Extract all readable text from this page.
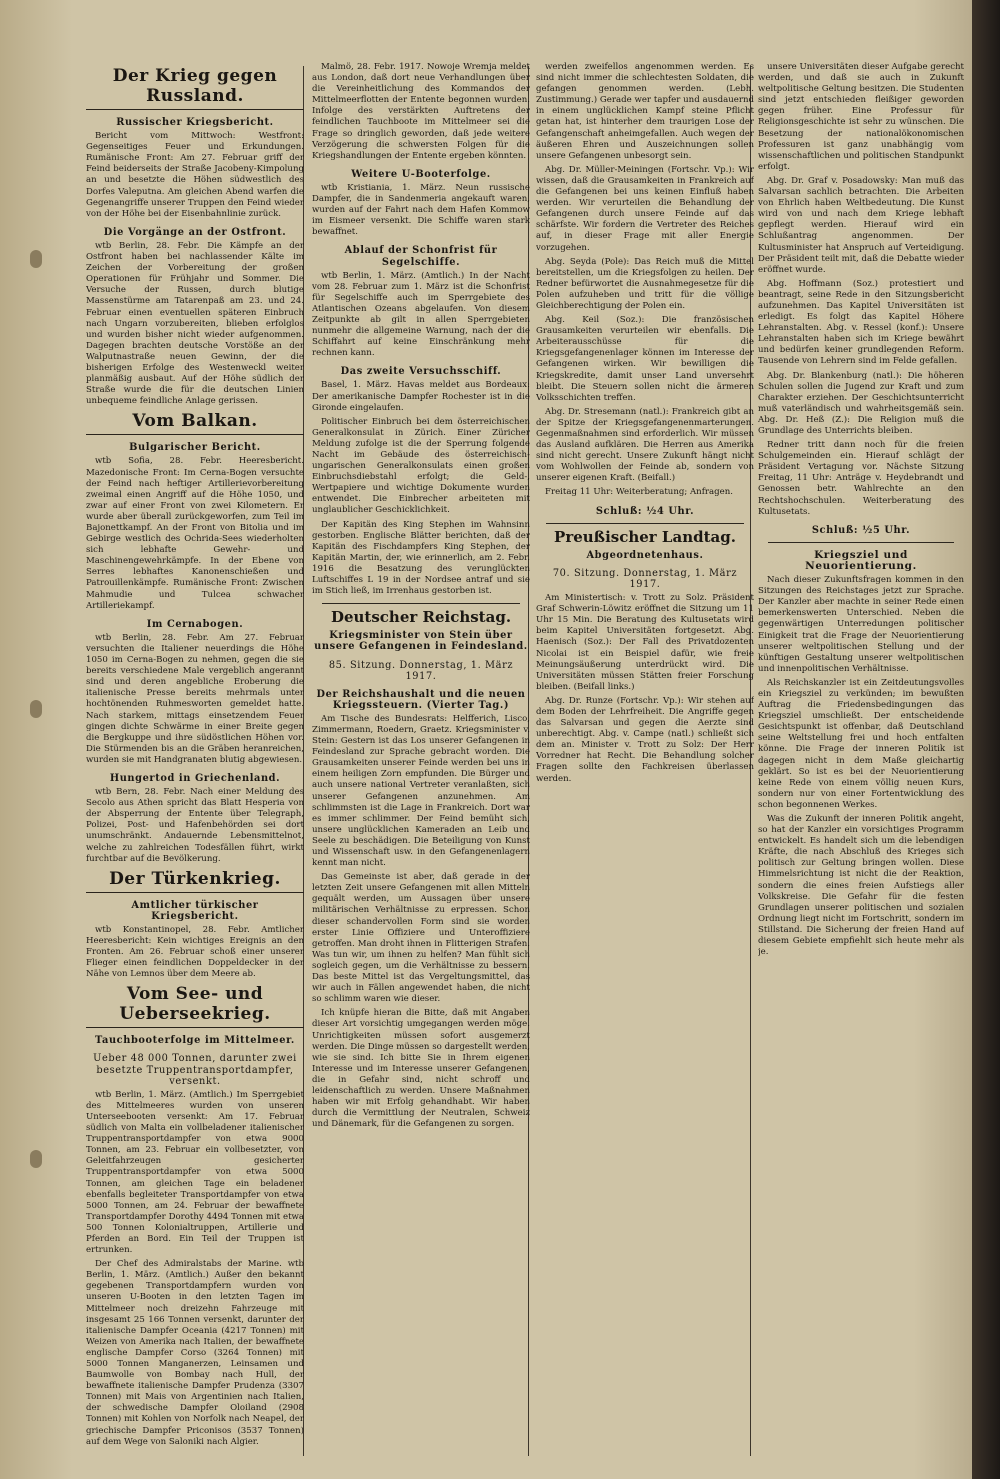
Der Krieg gegen Russland.
Russischer Kriegsbericht.

Bericht vom Mittwoch: Westfront: Gegenseitiges Feuer und Erkundungen. Rumänische Front: Am 27. Februar griff der Feind beiderseits der Straße Jacobeny-Kimpolung an und besetzte die Höhen südwestlich des Dorfes Valeputna. Am gleichen Abend warfen die Gegenangriffe unserer Truppen den Feind wieder von der Höhe bei der Eisenbahnlinie zurück.

Die Vorgänge an der Ostfront.

wtb Berlin, 28. Febr. Die Kämpfe an der Ostfront haben bei nachlassender Kälte im Zeichen der Vorbereitung der großen Operationen für Frühjahr und Sommer. Die Versuche der Russen, durch blutige Massenstürme am Tatarenpaß am 23. und 24. Februar einen eventuellen späteren Einbruch nach Ungarn vorzubereiten, blieben erfolglos und wurden bisher nicht wieder aufgenommen. Dagegen brachten deutsche Vorstöße an der Walputnastraße neuen Gewinn, der die bisherigen Erfolge des Westenweckl weiter planmäßig ausbaut. Auf der Höhe südlich der Straße wurde die für die deutschen Linien unbequeme feindliche Anlage gerissen.

Vom Balkan.
Bulgarischer Bericht.

wtb Sofia, 28. Febr. Heeresbericht. Mazedonische Front: Im Cerna-Bogen versuchte der Feind nach heftiger Artillerievorbereitung zweimal einen Angriff auf die Höhe 1050, und zwar auf einer Front von zwei Kilometern. Er wurde aber überall zurückgeworfen, zum Teil im Bajonettkampf. An der Front von Bitolia und im Gebirge westlich des Ochrida-Sees wiederholten sich lebhafte Gewehr- und Maschinengewehrkämpfe. In der Ebene von Serres lebhaftes Kanonenschießen und Patrouillenkämpfe. Rumänische Front: Zwischen Mahmudie und Tulcea schwacher Artilleriekampf.

Im Cernabogen.

wtb Berlin, 28. Febr. Am 27. Februar versuchten die Italiener neuerdings die Höhe 1050 im Cerna-Bogen zu nehmen, gegen die sie bereits verschiedene Male vergeblich angerannt sind und deren angebliche Eroberung die italienische Presse bereits mehrmals unter hochtönenden Ruhmesworten gemeldet hatte. Nach starkem, mittags einsetzendem Feuer gingen dichte Schwärme in einer Breite gegen die Bergkuppe und ihre südöstlichen Höhen vor. Die Stürmenden bis an die Gräben heranreichen, wurden sie mit Handgranaten blutig abgewiesen.

Hungertod in Griechenland.

wtb Bern, 28. Febr. Nach einer Meldung des Secolo aus Athen spricht das Blatt Hesperia von der Absperrung der Entente über Telegraph, Polizei, Post- und Hafenbehörden sei dort unumschränkt. Andauernde Lebensmittelnot, welche zu zahlreichen Todesfällen führt, wirkt furchtbar auf die Bevölkerung.

Der Türkenkrieg.
Amtlicher türkischer Kriegsbericht.

wtb Konstantinopel, 28. Febr. Amtlicher Heeresbericht: Kein wichtiges Ereignis an den Fronten. Am 26. Februar schoß einer unserer Flieger einen feindlichen Doppeldecker in der Nähe von Lemnos über dem Meere ab.

Vom See- und Ueberseekrieg.
Tauchbooterfolge im Mittelmeer.
Ueber 48 000 Tonnen, darunter zwei besetzte Truppentransportdampfer, versenkt.

wtb Berlin, 1. März. (Amtlich.) Im Sperrgebiet des Mittelmeeres wurden von unseren Unterseebooten versenkt: Am 17. Februar südlich von Malta ein vollbeladener italienischer Truppentransportdampfer von etwa 9000 Tonnen, am 23. Februar ein vollbesetzter, von Geleitfahrzeugen gesicherter Truppentransportdampfer von etwa 5000 Tonnen, am gleichen Tage ein beladener ebenfalls begleiteter Transportdampfer von etwa 5000 Tonnen, am 24. Februar der bewaffnete Transportdampfer Dorothy 4494 Tonnen mit etwa 500 Tonnen Kolonialtruppen, Artillerie und Pferden an Bord. Ein Teil der Truppen ist ertrunken.

Der Chef des Admiralstabs der Marine. wtb Berlin, 1. März. (Amtlich.) Außer den bekannt gegebenen Transportdampfern wurden von unseren U-Booten in den letzten Tagen im Mittelmeer noch dreizehn Fahrzeuge mit insgesamt 25 166 Tonnen versenkt, darunter der italienische Dampfer Oceania (4217 Tonnen) mit Weizen von Amerika nach Italien, der bewaffnete englische Dampfer Corso (3264 Tonnen) mit 5000 Tonnen Manganerzen, Leinsamen und Baumwolle von Bombay nach Hull, der bewaffnete italienische Dampfer Prudenza (3307 Tonnen) mit Mais von Argentinien nach Italien, der schwedische Dampfer Oloiland (2908 Tonnen) mit Kohlen von Norfolk nach Neapel, der griechische Dampfer Priconisos (3537 Tonnen) auf dem Wege von Saloniki nach Algier.

Malmö, 28. Febr. 1917. Nowoje Wremja meldet aus London, daß dort neue Verhandlungen über die Vereinheitlichung des Kommandos der Mittelmeerflotten der Entente begonnen wurden. Infolge des verstärkten Auftretens der feindlichen Tauchboote im Mittelmeer sei die Frage so dringlich geworden, daß jede weitere Verzögerung die schwersten Folgen für die Kriegshandlungen der Entente ergeben könnten.

Weitere U-Booterfolge.

wtb Kristiania, 1. März. Neun russische Dampfer, die in Sandenmeria angekauft waren, wurden auf der Fahrt nach dem Hafen Kommow im Eismeer versenkt. Die Schiffe waren stark bewaffnet.

Ablauf der Schonfrist für Segelschiffe.

wtb Berlin, 1. März. (Amtlich.) In der Nacht vom 28. Februar zum 1. März ist die Schonfrist für Segelschiffe auch im Sperrgebiete des Atlantischen Ozeans abgelaufen. Von diesem Zeitpunkte ab gilt in allen Sperrgebieten nunmehr die allgemeine Warnung, nach der die Schiffahrt auf keine Einschränkung mehr rechnen kann.

Das zweite Versuchsschiff.

Basel, 1. März. Havas meldet aus Bordeaux: Der amerikanische Dampfer Rochester ist in die Gironde eingelaufen.

Politischer Einbruch bei dem österreichischen Generalkonsulat in Zürich. Einer Züricher Meldung zufolge ist die der Sperrung folgende Nacht im Gebäude des österreichisch-ungarischen Generalkonsulats einen großen Einbruchsdiebstahl erfolgt; die Geld-, Wertpapiere und wichtige Dokumente wurden entwendet. Die Einbrecher arbeiteten mit unglaublicher Geschicklichkeit.

Der Kapitän des King Stephen im Wahnsinn gestorben. Englische Blätter berichten, daß der Kapitän des Fischdampfers King Stephen, der Kapitän Martin, der, wie erinnerlich, am 2. Febr. 1916 die Besatzung des verunglückten Luftschiffes L 19 in der Nordsee antraf und sie im Stich ließ, im Irrenhaus gestorben ist.

Deutscher Reichstag.
Kriegsminister von Stein über unsere Gefangenen in Feindesland.
85. Sitzung. Donnerstag, 1. März 1917.
Der Reichshaushalt und die neuen Kriegssteuern. (Vierter Tag.)

Am Tische des Bundesrats: Helfferich, Lisco, Zimmermann, Roedern, Graetz. Kriegsminister v. Stein: Gestern ist das Los unserer Gefangenen in Feindesland zur Sprache gebracht worden. Die Grausamkeiten unserer Feinde werden bei uns in einem heiligen Zorn empfunden. Die Bürger und auch unsere national Vertreter veranlaßten, sich unserer Gefangenen anzunehmen. Am schlimmsten ist die Lage in Frankreich. Dort war es immer schlimmer. Der Feind bemüht sich, unsere unglücklichen Kameraden an Leib und Seele zu beschädigen. Die Beteiligung von Kunst und Wissenschaft usw. in den Gefangenenlagern kennt man nicht.

Das Gemeinste ist aber, daß gerade in der letzten Zeit unsere Gefangenen mit allen Mitteln gequält werden, um Aussagen über unsere militärischen Verhältnisse zu erpressen. Schon dieser schandervollen Form sind sie worden erster Linie Offiziere und Unteroffiziere getroffen. Man droht ihnen in Flitterigen Strafen. Was tun wir, um ihnen zu helfen? Man fühlt sich sogleich gegen, um die Verhältnisse zu bessern. Das beste Mittel ist das Vergeltungsmittel, das wir auch in Fällen angewendet haben, die nicht so schlimm waren wie dieser.

Ich knüpfe hieran die Bitte, daß mit Angaben dieser Art vorsichtig umgegangen werden möge. Unrichtigkeiten müssen sofort ausgemerzt werden. Die Dinge müssen so dargestellt werden, wie sie sind. Ich bitte Sie in Ihrem eigenen Interesse und im Interesse unserer Gefangenen, die in Gefahr sind, nicht schroff und leidenschaftlich zu werden. Unsere Maßnahmen haben wir mit Erfolg gehandhabt. Wir haben durch die Vermittlung der Neutralen, Schweiz und Dänemark, für die Gefangenen zu sorgen.

werden zweifellos angenommen werden. Es sind nicht immer die schlechtesten Soldaten, die gefangen genommen werden. (Lebh. Zustimmung.) Gerade wer tapfer und ausdauernd in einem unglücklichen Kampf steine Pflicht getan hat, ist hinterher dem traurigen Lose der Gefangenschaft anheimgefallen. Auch wegen der äußeren Ehren und Auszeichnungen sollen unsere Gefangenen unbesorgt sein.

Abg. Dr. Müller-Meiningen (Fortschr. Vp.): Wir wissen, daß die Grausamkeiten in Frankreich auf die Gefangenen bei uns keinen Einfluß haben werden. Wir verurteilen die Behandlung der Gefangenen durch unsere Feinde auf das schärfste. Wir fordern die Vertreter des Reiches auf, in dieser Frage mit aller Energie vorzugehen.

Abg. Seyda (Pole): Das Reich muß die Mittel bereitstellen, um die Kriegsfolgen zu heilen. Der Redner befürwortet die Ausnahmegesetze für die Polen aufzuheben und tritt für die völlige Gleichberechtigung der Polen ein.

Abg. Keil (Soz.): Die französischen Grausamkeiten verurteilen wir ebenfalls. Die Arbeiterausschüsse für die Kriegsgefangenenlager können im Interesse der Gefangenen wirken. Wir bewilligen die Kriegskredite, damit unser Land unversehrt bleibt. Die Steuern sollen nicht die ärmeren Volksschichten treffen.

Abg. Dr. Stresemann (natl.): Frankreich gibt an der Spitze der Kriegsgefangenenmarterungen. Gegenmaßnahmen sind erforderlich. Wir müssen das Ausland aufklären. Die Herren aus Amerika sind nicht gerecht. Unsere Zukunft hängt nicht vom Wohlwollen der Feinde ab, sondern von unserer eigenen Kraft. (Beifall.)

Freitag 11 Uhr: Weiterberatung; Anfragen.

Schluß: ½4 Uhr.
Preußischer Landtag.
Abgeordnetenhaus.
70. Sitzung. Donnerstag, 1. März 1917.

Am Ministertisch: v. Trott zu Solz. Präsident Graf Schwerin-Löwitz eröffnet die Sitzung um 11 Uhr 15 Min. Die Beratung des Kultusetats wird beim Kapitel Universitäten fortgesetzt. Abg. Haenisch (Soz.): Der Fall des Privatdozenten Nicolai ist ein Beispiel dafür, wie freie Meinungsäußerung unterdrückt wird. Die Universitäten müssen Stätten freier Forschung bleiben. (Beifall links.)

Abg. Dr. Runze (Fortschr. Vp.): Wir stehen auf dem Boden der Lehrfreiheit. Die Angriffe gegen das Salvarsan und gegen die Aerzte sind unberechtigt. Abg. v. Campe (natl.) schließt sich dem an. Minister v. Trott zu Solz: Der Herr Vorredner hat Recht. Die Behandlung solcher Fragen sollte den Fachkreisen überlassen werden.

unsere Universitäten dieser Aufgabe gerecht werden, und daß sie auch in Zukunft weltpolitische Geltung besitzen. Die Studenten sind jetzt entschieden fleißiger geworden gegen früher. Eine Professur für Religionsgeschichte ist sehr zu wünschen. Die Besetzung der nationalökonomischen Professuren ist ganz unabhängig vom wissenschaftlichen und politischen Standpunkt erfolgt.

Abg. Dr. Graf v. Posadowsky: Man muß das Salvarsan sachlich betrachten. Die Arbeiten von Ehrlich haben Weltbedeutung. Die Kunst wird von und nach dem Kriege lebhaft gepflegt werden. Hierauf wird ein Schlußantrag angenommen. Der Kultusminister hat Anspruch auf Verteidigung. Der Präsident teilt mit, daß die Debatte wieder eröffnet wurde.

Abg. Hoffmann (Soz.) protestiert und beantragt, seine Rede in den Sitzungsbericht aufzunehmen. Das Kapitel Universitäten ist erledigt. Es folgt das Kapitel Höhere Lehranstalten. Abg. v. Ressel (konf.): Unsere Lehranstalten haben sich im Kriege bewährt und bedürfen keiner grundlegenden Reform. Tausende von Lehrern sind im Felde gefallen.

Abg. Dr. Blankenburg (natl.): Die höheren Schulen sollen die Jugend zur Kraft und zum Charakter erziehen. Der Geschichtsunterricht muß vaterländisch und wahrheitsgemäß sein. Abg. Dr. Heß (Z.): Die Religion muß die Grundlage des Unterrichts bleiben.

Redner tritt dann noch für die freien Schulgemeinden ein. Hierauf schlägt der Präsident Vertagung vor. Nächste Sitzung Freitag, 11 Uhr: Anträge v. Heydebrandt und Genossen betr. Wahlrechte an den Rechtshochschulen. Weiterberatung des Kultusetats.

Schluß: ½5 Uhr.
Kriegsziel und Neuorientierung.

Nach dieser Zukunftsfragen kommen in den Sitzungen des Reichstages jetzt zur Sprache. Der Kanzler aber machte in seiner Rede einen bemerkenswerten Unterschied. Neben die gegenwärtigen Unterredungen politischer Einigkeit trat die Frage der Neuorientierung unserer weltpolitischen Stellung und der künftigen Gestaltung unserer weltpolitischen und innenpolitischen Verhältnisse.

Als Reichskanzler ist ein Zeitdeutungsvolles ein Kriegsziel zu verkünden; im bewußten Auftrag die Friedensbedingungen das Kriegsziel umschließt. Der entscheidende Gesichtspunkt ist offenbar, daß Deutschland seine Weltstellung frei und hoch entfalten könne. Die Frage der inneren Politik ist dagegen nicht in dem Maße gleichartig geklärt. So ist es bei der Neuorientierung keine Rede von einem völlig neuen Kurs, sondern nur von einer Fortentwicklung des schon begonnenen Werkes.

Was die Zukunft der inneren Politik angeht, so hat der Kanzler ein vorsichtiges Programm entwickelt. Es handelt sich um die lebendigen Kräfte, die nach Abschluß des Krieges sich politisch zur Geltung bringen wollen. Diese Himmelsrichtung ist nicht die der Reaktion, sondern die eines freien Aufstiegs aller Volkskreise. Die Gefahr für die festen Grundlagen unserer politischen und sozialen Ordnung liegt nicht im Fortschritt, sondern im Stillstand. Die Sicherung der freien Hand auf diesem Gebiete empfiehlt sich heute mehr als je.
